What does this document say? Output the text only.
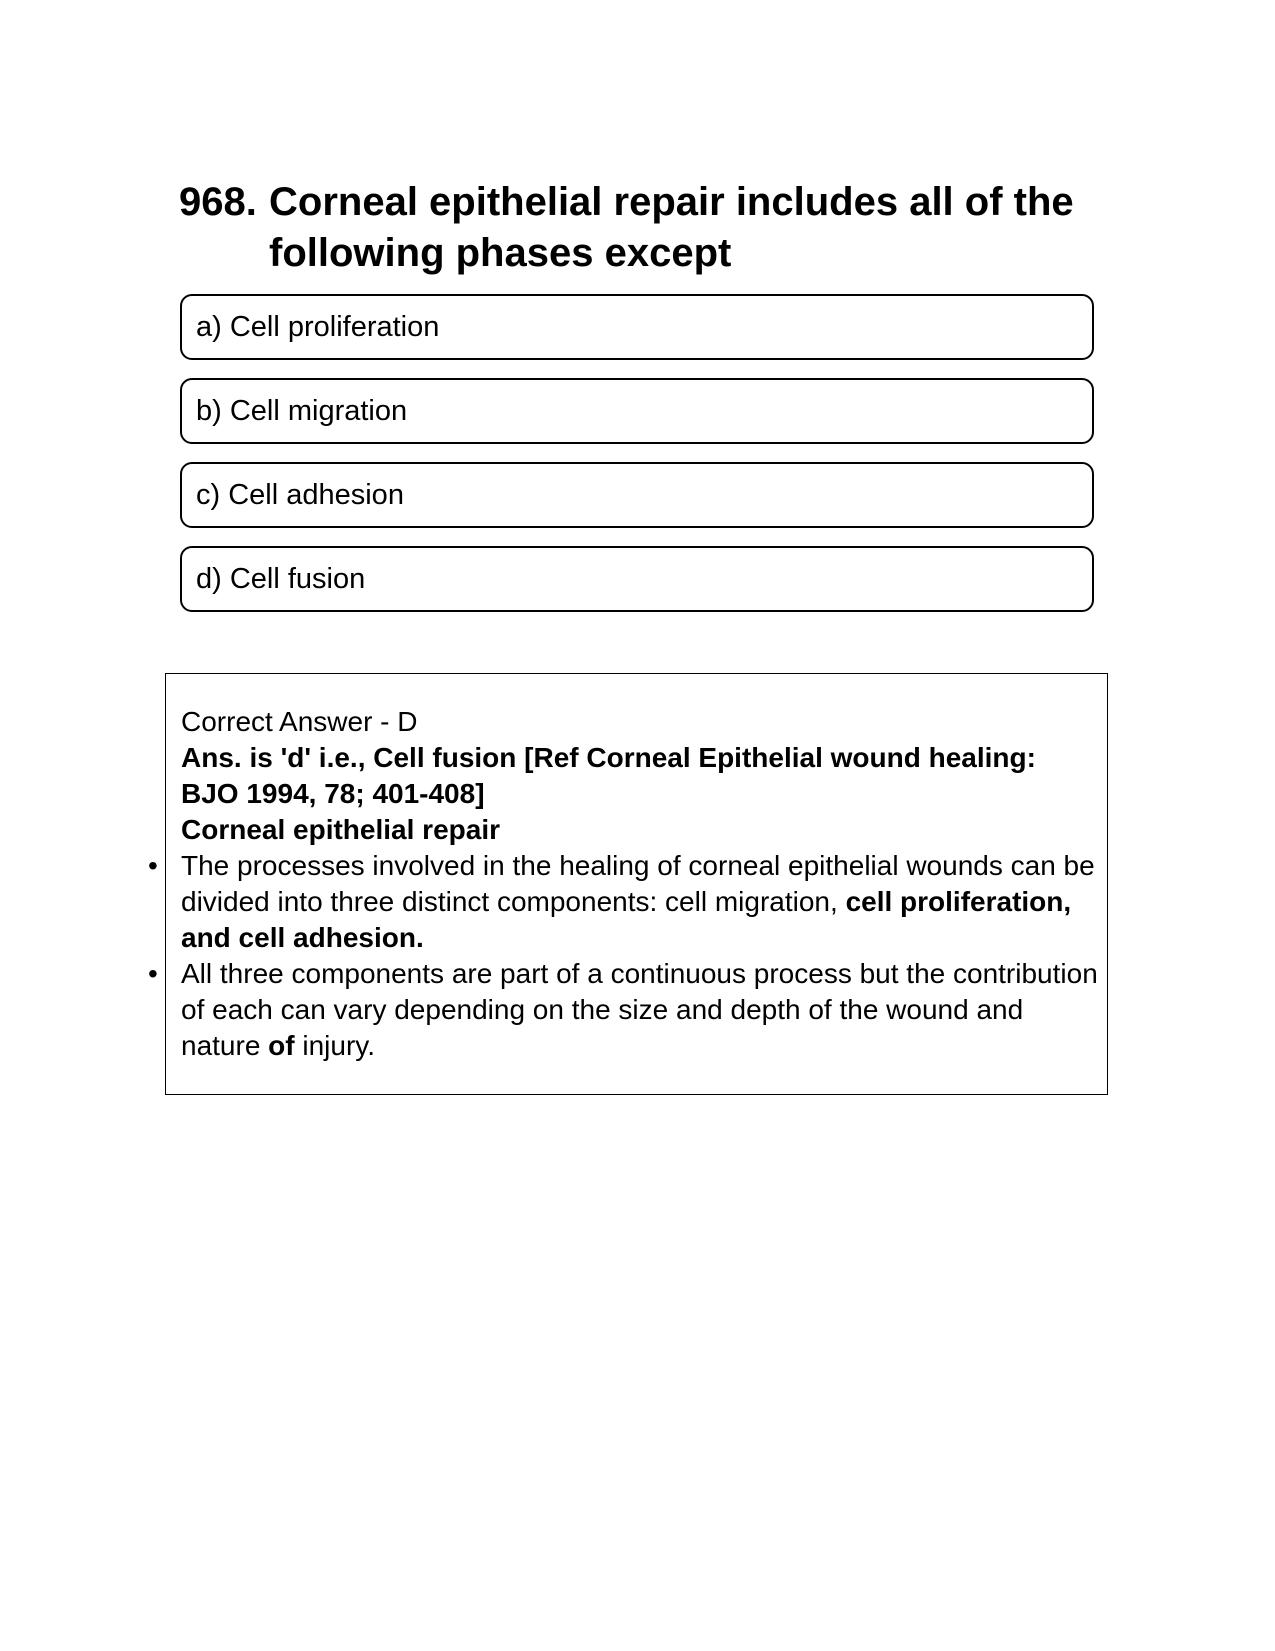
968. Corneal epithelial repair includes all of the following phases except
a) Cell proliferation
b) Cell migration
c) Cell adhesion
d) Cell fusion

Correct Answer - D

Ans. is 'd' i.e., Cell fusion [Ref Corneal Epithelial wound healing: BJO 1994, 78; 401-408]

Corneal epithelial repair

• The processes involved in the healing of corneal epithelial wounds can be divided into three distinct components: cell migration, cell proliferation, and cell adhesion.
• All three components are part of a continuous process but the contribution of each can vary depending on the size and depth of the wound and nature of injury.
